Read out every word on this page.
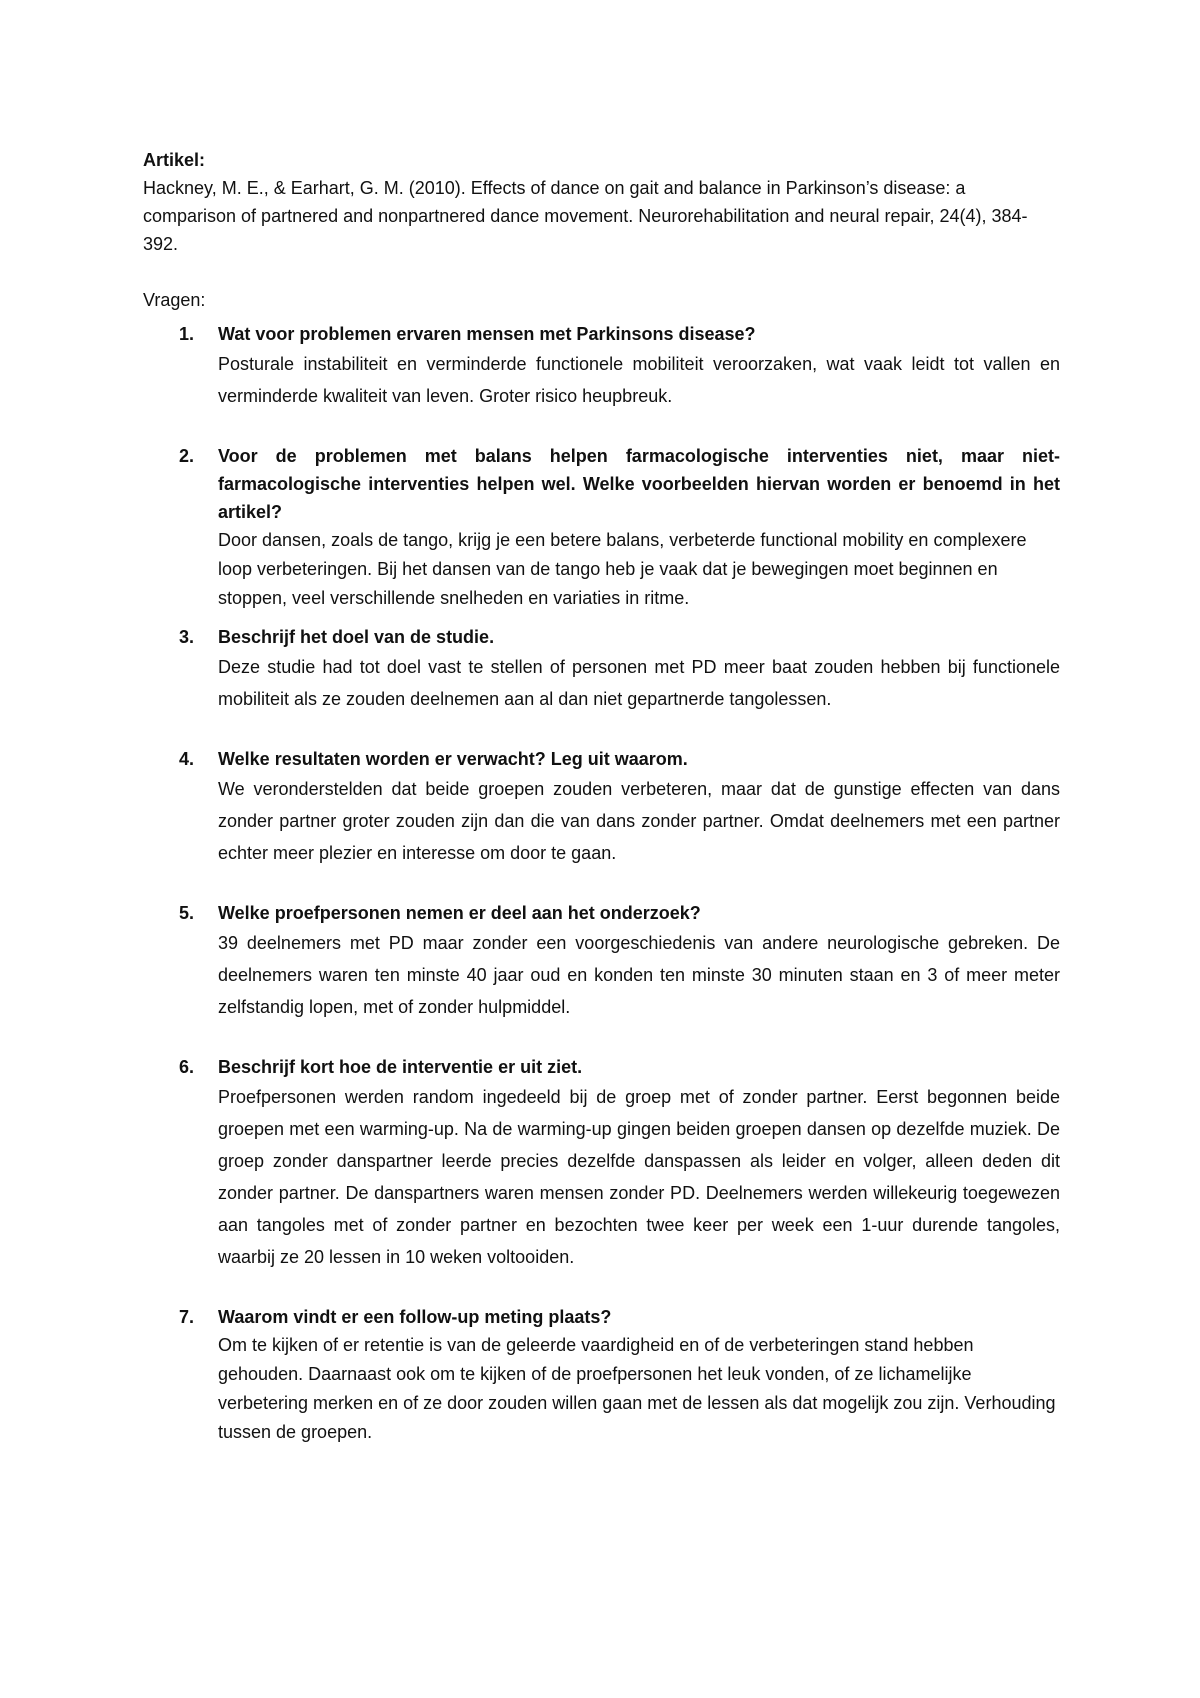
Artikel:

Hackney, M. E., & Earhart, G. M. (2010). Effects of dance on gait and balance in Parkinson’s disease: a comparison of partnered and nonpartnered dance movement. Neurorehabilitation and neural repair, 24(4), 384-392.

Vragen:
1. Wat voor problemen ervaren mensen met Parkinsons disease?
Posturale instabiliteit en verminderde functionele mobiliteit veroorzaken, wat vaak leidt tot vallen en verminderde kwaliteit van leven. Groter risico heupbreuk.
2. Voor de problemen met balans helpen farmacologische interventies niet, maar niet-farmacologische interventies helpen wel. Welke voorbeelden hiervan worden er benoemd in het artikel?
Door dansen, zoals de tango, krijg je een betere balans, verbeterde functional mobility en complexere loop verbeteringen. Bij het dansen van de tango heb je vaak dat je bewegingen moet beginnen en stoppen, veel verschillende snelheden en variaties in ritme.
3. Beschrijf het doel van de studie.
Deze studie had tot doel vast te stellen of personen met PD meer baat zouden hebben bij functionele mobiliteit als ze zouden deelnemen aan al dan niet gepartnerde tangolessen.
4. Welke resultaten worden er verwacht? Leg uit waarom.
We veronderstelden dat beide groepen zouden verbeteren, maar dat de gunstige effecten van dans zonder partner groter zouden zijn dan die van dans zonder partner. Omdat deelnemers met een partner echter meer plezier en interesse om door te gaan.
5. Welke proefpersonen nemen er deel aan het onderzoek?
39 deelnemers met PD maar zonder een voorgeschiedenis van andere neurologische gebreken. De deelnemers waren ten minste 40 jaar oud en konden ten minste 30 minuten staan en 3 of meer meter zelfstandig lopen, met of zonder hulpmiddel.
6. Beschrijf kort hoe de interventie er uit ziet.
Proefpersonen werden random ingedeeld bij de groep met of zonder partner. Eerst begonnen beide groepen met een warming-up. Na de warming-up gingen beiden groepen dansen op dezelfde muziek. De groep zonder danspartner leerde precies dezelfde danspassen als leider en volger, alleen deden dit zonder partner. De danspartners waren mensen zonder PD. Deelnemers werden willekeurig toegewezen aan tangoles met of zonder partner en bezochten twee keer per week een 1-uur durende tangoles, waarbij ze 20 lessen in 10 weken voltooiden.
7. Waarom vindt er een follow-up meting plaats?
Om te kijken of er retentie is van de geleerde vaardigheid en of de verbeteringen stand hebben gehouden. Daarnaast ook om te kijken of de proefpersonen het leuk vonden, of ze lichamelijke verbetering merken en of ze door zouden willen gaan met de lessen als dat mogelijk zou zijn. Verhouding tussen de groepen.
